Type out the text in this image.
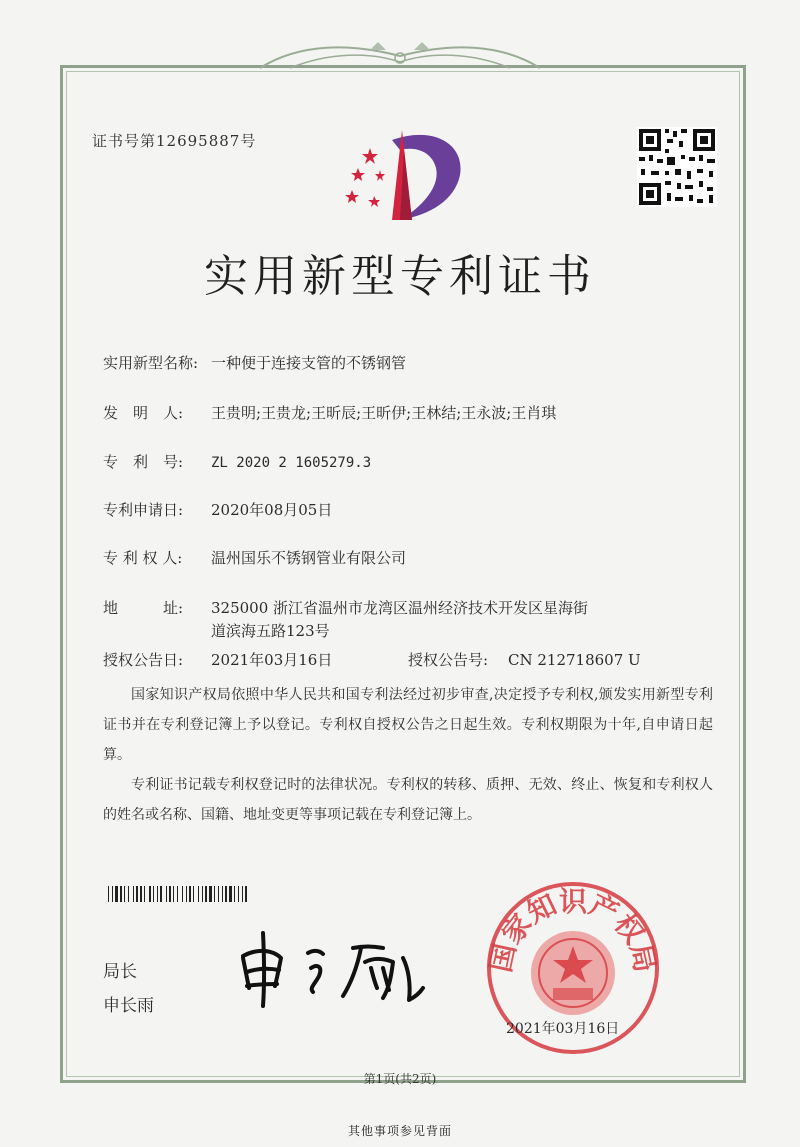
证书号第12695887号
实用新型专利证书
实用新型名称: 一种便于连接支管的不锈钢管
发　明　人: 王贵明;王贵龙;王昕辰;王昕伊;王林结;王永波;王肖琪
专　利　号: ZL 2020 2 1605279.3
专利申请日: 2020年08月05日
专 利 权 人: 温州国乐不锈钢管业有限公司
地　　　址: 325000 浙江省温州市龙湾区温州经济技术开发区星海街
道滨海五路123号
授权公告日: 2021年03月16日	授权公告号: CN 212718607 U

国家知识产权局依照中华人民共和国专利法经过初步审查,决定授予专利权,颁发实用新型专利证书并在专利登记簿上予以登记。专利权自授权公告之日起生效。专利权期限为十年,自申请日起算。

专利证书记载专利权登记时的法律状况。专利权的转移、质押、无效、终止、恢复和专利权人的姓名或名称、国籍、地址变更等事项记载在专利登记簿上。

局长
申长雨
国家知识产权局
2021年03月16日
第1页(共2页)
其他事项参见背面
